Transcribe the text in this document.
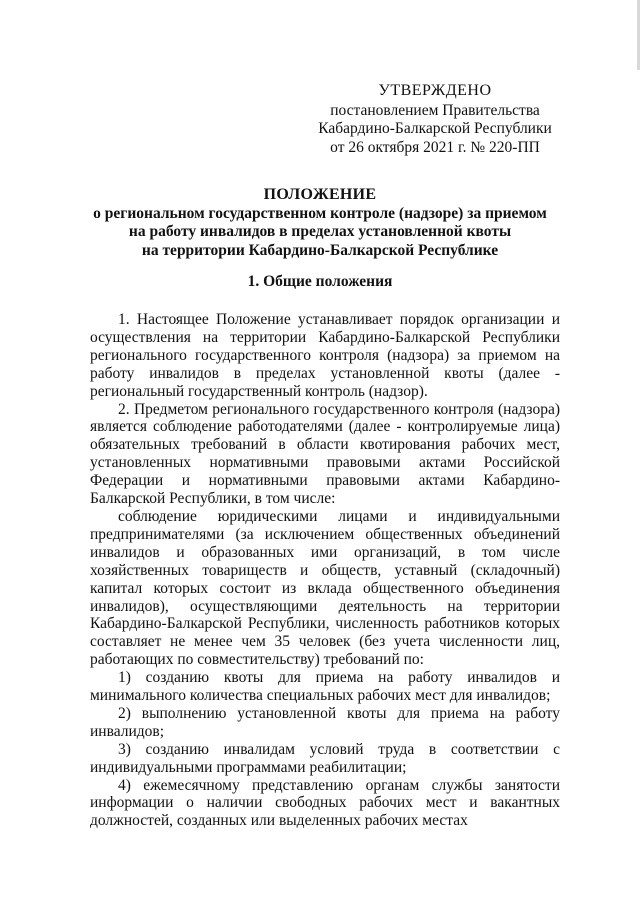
УТВЕРЖДЕНО
постановлением Правительства
Кабардино-Балкарской Республики
от 26 октября 2021 г. № 220-ПП
ПОЛОЖЕНИЕ
о региональном государственном контроле (надзоре) за приемом
на работу инвалидов в пределах установленной квоты
на территории Кабардино-Балкарской Республике
1. Общие положения

1. Настоящее Положение устанавливает порядок организации и осуществления на территории Кабардино-Балкарской Республики регионального государственного контроля (надзора) за приемом на работу инвалидов в пределах установленной квоты (далее - региональный государственный контроль (надзор).

2. Предметом регионального государственного контроля (надзора) является соблюдение работодателями (далее - контролируемые лица) обязательных требований в области квотирования рабочих мест, установленных нормативными правовыми актами Российской Федерации и нормативными правовыми актами Кабардино-Балкарской Республики, в том числе:

соблюдение юридическими лицами и индивидуальными предпринимателями (за исключением общественных объединений инвалидов и образованных ими организаций, в том числе хозяйственных товариществ и обществ, уставный (складочный) капитал которых состоит из вклада общественного объединения инвалидов), осуществляющими деятельность на территории Кабардино-Балкарской Республики, численность работников которых составляет не менее чем 35 человек (без учета численности лиц, работающих по совместительству) требований по:

1) созданию квоты для приема на работу инвалидов и минимального количества специальных рабочих мест для инвалидов;

2) выполнению установленной квоты для приема на работу инвалидов;

3) созданию инвалидам условий труда в соответствии с индивидуальными программами реабилитации;

4) ежемесячному представлению органам службы занятости информации о наличии свободных рабочих мест и вакантных должностей, созданных или выделенных рабочих местах
